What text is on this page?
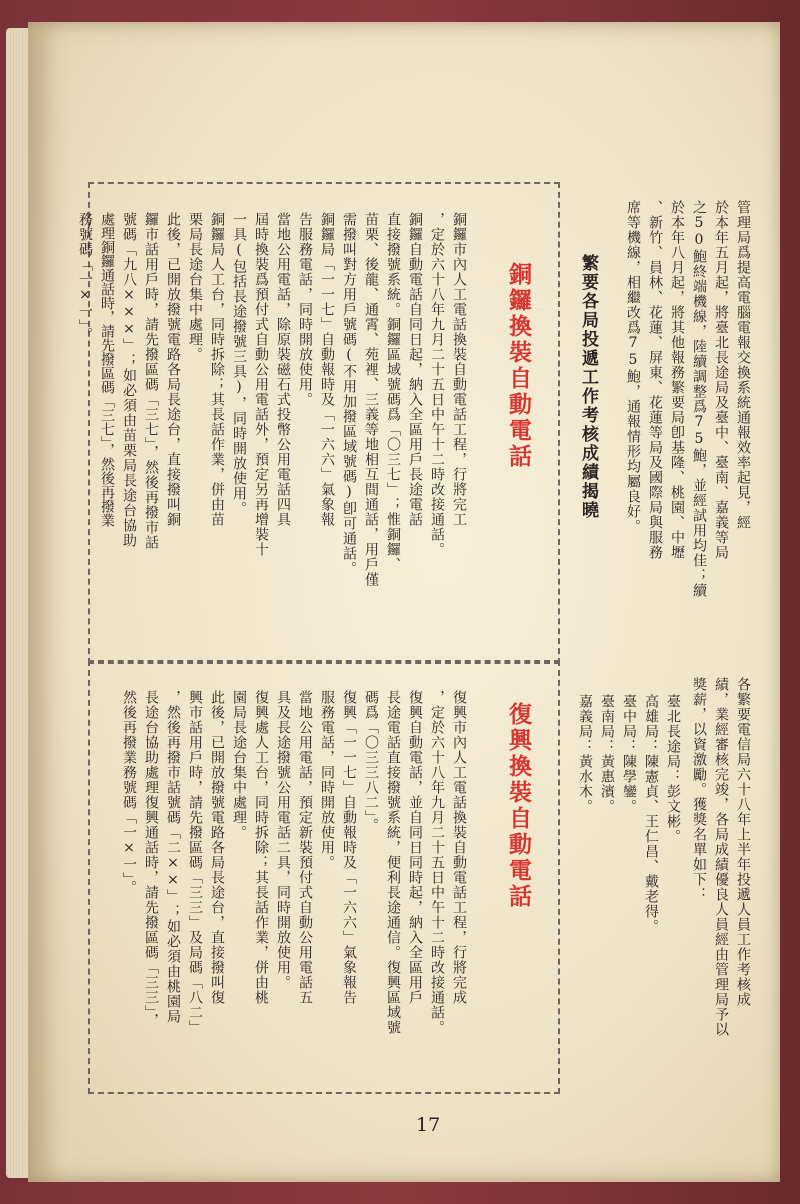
繁要各局投遞工作考核成績揭曉	管理局爲提高電腦電報交換系統通報效率起見，經
於本年五月起，將臺北長途局及臺中、臺南、嘉義等局
之50鮑終端機線，陸續調整爲75鮑，並經試用均佳；續
於本年八月起，將其他報務繁要局卽基隆、桃園、中壢
、新竹、員林、花蓮、屏東、花蓮等局及國際局與服務
席等機線，相繼改爲75鮑，通報情形均屬良好。
各繁要電信局六十八年上半年投遞人員工作考核成
績，業經審核完竣，各局成績優良人員經由管理局予以
獎薪，以資激勵。獲獎名單如下：
臺北長途局：彭文彬。
高雄局：陳憲貞、王仁昌、戴老得。
臺中局：陳學鑾。
臺南局：黃惠濱。
嘉義局：黃水木。
銅鑼換裝自動電話
銅鑼市內人工電話換裝自動電話工程，行將完工
，定於六十八年九月二十五日中午十二時改接通話。
銅鑼自動電話自同日起，納入全區用戶長途電話
直接撥號系統。銅鑼區域號碼爲「〇三七」；惟銅鑼、
苗栗、後龍、通霄、苑裡、三義等地相互間通話，用戶僅
需撥叫對方用戶號碼(不用加撥區域號碼)卽可通話。
銅鑼局「一一七」自動報時及「一六六」氣象報
告服務電話，同時開放使用。
當地公用電話，除原裝磁石式投幣公用電話四具
屆時換裝爲預付式自動公用電話外，預定另再增裝十
一具(包括長途撥號三具)，同時開放使用。
銅鑼局人工台，同時拆除；其長話作業，併由苗
栗局長途台集中處理。
此後，已開放撥號電路各局長途台，直接撥叫銅
鑼市話用戶時，請先撥區碼「三七」，然後再撥市話
號碼「九八×××」；如必須由苗栗局長途台協助
處理銅鑼通話時，請先撥區碼「三七」，然後再撥業
務號碼「一×一」。
復興換裝自動電話
復興市內人工電話換裝自動電話工程，行將完成
，定於六十八年九月二十五日中午十二時改接通話。
復興自動電話，並自同日同時起，納入全區用戶
長途電話直接撥號系統，便利長途通信。復興區域號
碼爲「〇三三八二」。
復興「一一七」自動報時及「一六六」氣象報告
服務電話，同時開放使用。
當地公用電話，預定新裝預付式自動公用電話五
具及長途撥號公用電話二具，同時開放使用。
復興處人工台，同時拆除；其長話作業，併由桃
園局長途台集中處理。
此後，已開放撥號電路各局長途台，直接撥叫復
興市話用戶時，請先撥區碼「三三」及局碼「八二」
，然後再撥市話號碼「二××」；如必須由桃園局
長途台協助處理復興通話時，請先撥區碼「三三」，
然後再撥業務號碼「一×一」。
17
